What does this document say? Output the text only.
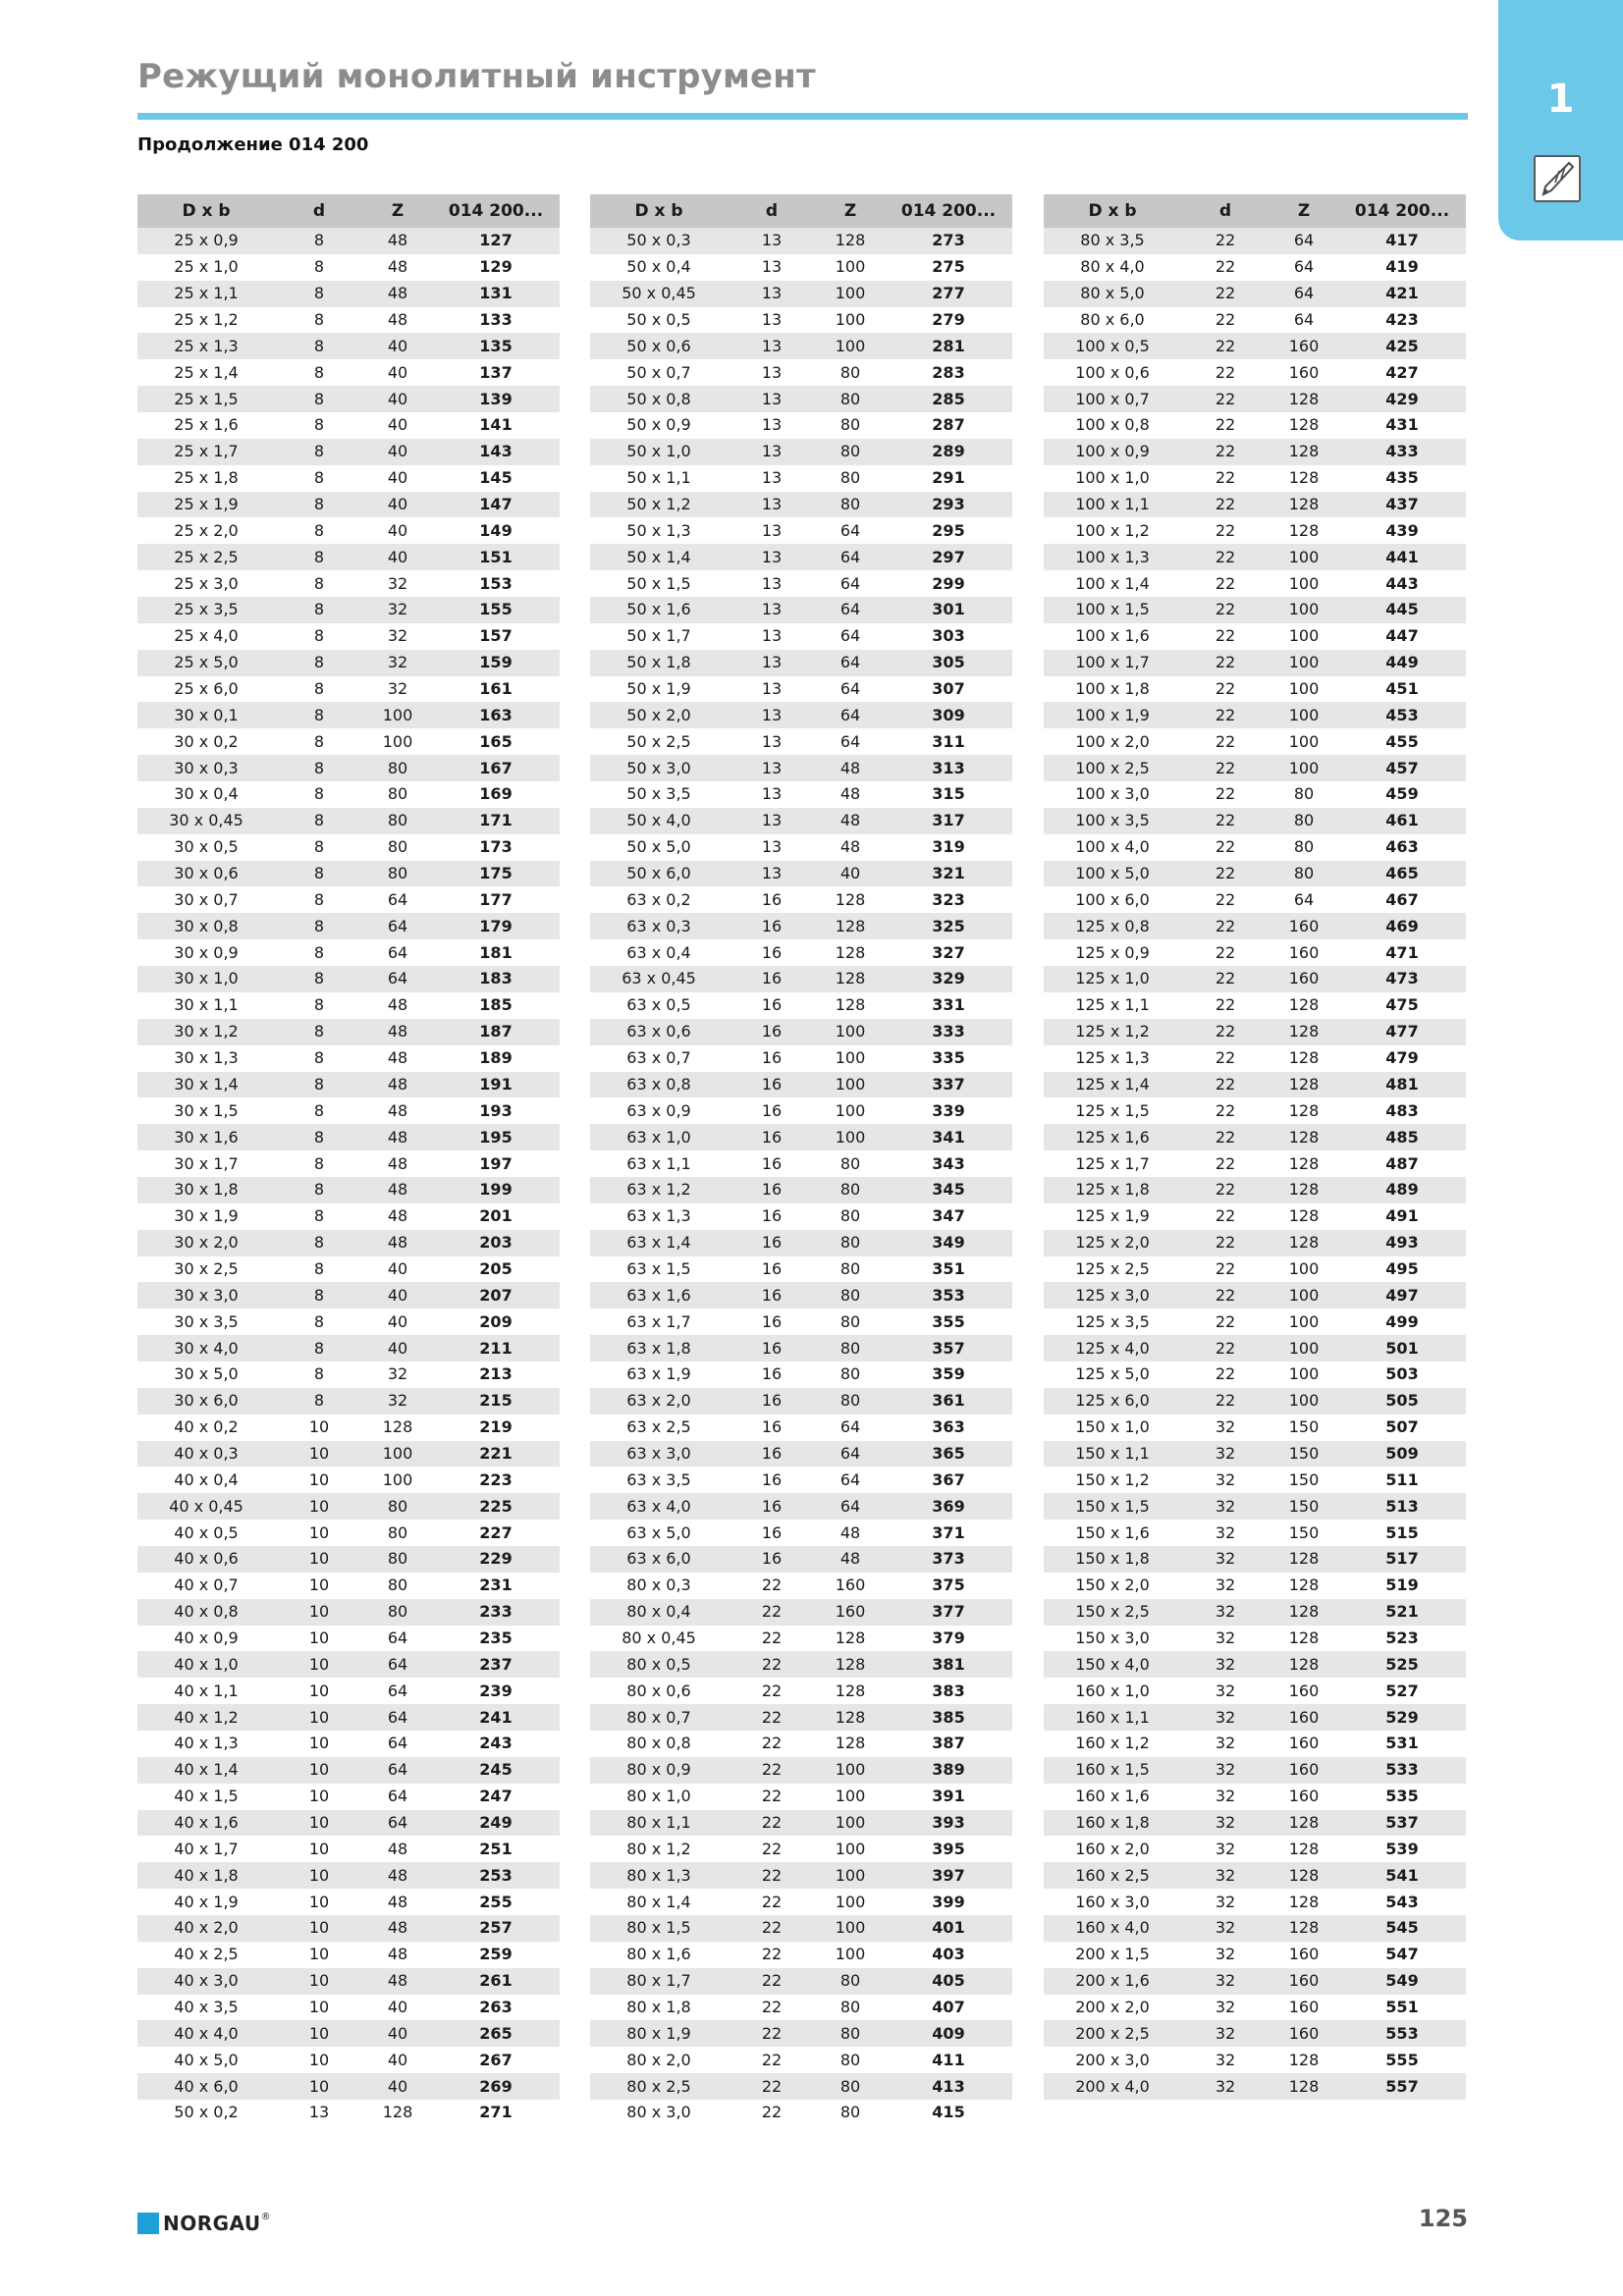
Режущий монолитный инструмент
Продолжение 014 200
1
D x b	d	Z	014 200...
25 x 0,9	8	48	127
25 x 1,0	8	48	129
25 x 1,1	8	48	131
25 x 1,2	8	48	133
25 x 1,3	8	40	135
25 x 1,4	8	40	137
25 x 1,5	8	40	139
25 x 1,6	8	40	141
25 x 1,7	8	40	143
25 x 1,8	8	40	145
25 x 1,9	8	40	147
25 x 2,0	8	40	149
25 x 2,5	8	40	151
25 x 3,0	8	32	153
25 x 3,5	8	32	155
25 x 4,0	8	32	157
25 x 5,0	8	32	159
25 x 6,0	8	32	161
30 x 0,1	8	100	163
30 x 0,2	8	100	165
30 x 0,3	8	80	167
30 x 0,4	8	80	169
30 x 0,45	8	80	171
30 x 0,5	8	80	173
30 x 0,6	8	80	175
30 x 0,7	8	64	177
30 x 0,8	8	64	179
30 x 0,9	8	64	181
30 x 1,0	8	64	183
30 x 1,1	8	48	185
30 x 1,2	8	48	187
30 x 1,3	8	48	189
30 x 1,4	8	48	191
30 x 1,5	8	48	193
30 x 1,6	8	48	195
30 x 1,7	8	48	197
30 x 1,8	8	48	199
30 x 1,9	8	48	201
30 x 2,0	8	48	203
30 x 2,5	8	40	205
30 x 3,0	8	40	207
30 x 3,5	8	40	209
30 x 4,0	8	40	211
30 x 5,0	8	32	213
30 x 6,0	8	32	215
40 x 0,2	10	128	219
40 x 0,3	10	100	221
40 x 0,4	10	100	223
40 x 0,45	10	80	225
40 x 0,5	10	80	227
40 x 0,6	10	80	229
40 x 0,7	10	80	231
40 x 0,8	10	80	233
40 x 0,9	10	64	235
40 x 1,0	10	64	237
40 x 1,1	10	64	239
40 x 1,2	10	64	241
40 x 1,3	10	64	243
40 x 1,4	10	64	245
40 x 1,5	10	64	247
40 x 1,6	10	64	249
40 x 1,7	10	48	251
40 x 1,8	10	48	253
40 x 1,9	10	48	255
40 x 2,0	10	48	257
40 x 2,5	10	48	259
40 x 3,0	10	48	261
40 x 3,5	10	40	263
40 x 4,0	10	40	265
40 x 5,0	10	40	267
40 x 6,0	10	40	269
50 x 0,2	13	128	271
D x b	d	Z	014 200...
50 x 0,3	13	128	273
50 x 0,4	13	100	275
50 x 0,45	13	100	277
50 x 0,5	13	100	279
50 x 0,6	13	100	281
50 x 0,7	13	80	283
50 x 0,8	13	80	285
50 x 0,9	13	80	287
50 x 1,0	13	80	289
50 x 1,1	13	80	291
50 x 1,2	13	80	293
50 x 1,3	13	64	295
50 x 1,4	13	64	297
50 x 1,5	13	64	299
50 x 1,6	13	64	301
50 x 1,7	13	64	303
50 x 1,8	13	64	305
50 x 1,9	13	64	307
50 x 2,0	13	64	309
50 x 2,5	13	64	311
50 x 3,0	13	48	313
50 x 3,5	13	48	315
50 x 4,0	13	48	317
50 x 5,0	13	48	319
50 x 6,0	13	40	321
63 x 0,2	16	128	323
63 x 0,3	16	128	325
63 x 0,4	16	128	327
63 x 0,45	16	128	329
63 x 0,5	16	128	331
63 x 0,6	16	100	333
63 x 0,7	16	100	335
63 x 0,8	16	100	337
63 x 0,9	16	100	339
63 x 1,0	16	100	341
63 x 1,1	16	80	343
63 x 1,2	16	80	345
63 x 1,3	16	80	347
63 x 1,4	16	80	349
63 x 1,5	16	80	351
63 x 1,6	16	80	353
63 x 1,7	16	80	355
63 x 1,8	16	80	357
63 x 1,9	16	80	359
63 x 2,0	16	80	361
63 x 2,5	16	64	363
63 x 3,0	16	64	365
63 x 3,5	16	64	367
63 x 4,0	16	64	369
63 x 5,0	16	48	371
63 x 6,0	16	48	373
80 x 0,3	22	160	375
80 x 0,4	22	160	377
80 x 0,45	22	128	379
80 x 0,5	22	128	381
80 x 0,6	22	128	383
80 x 0,7	22	128	385
80 x 0,8	22	128	387
80 x 0,9	22	100	389
80 x 1,0	22	100	391
80 x 1,1	22	100	393
80 x 1,2	22	100	395
80 x 1,3	22	100	397
80 x 1,4	22	100	399
80 x 1,5	22	100	401
80 x 1,6	22	100	403
80 x 1,7	22	80	405
80 x 1,8	22	80	407
80 x 1,9	22	80	409
80 x 2,0	22	80	411
80 x 2,5	22	80	413
80 x 3,0	22	80	415
D x b	d	Z	014 200...
80 x 3,5	22	64	417
80 x 4,0	22	64	419
80 x 5,0	22	64	421
80 x 6,0	22	64	423
100 x 0,5	22	160	425
100 x 0,6	22	160	427
100 x 0,7	22	128	429
100 x 0,8	22	128	431
100 x 0,9	22	128	433
100 x 1,0	22	128	435
100 x 1,1	22	128	437
100 x 1,2	22	128	439
100 x 1,3	22	100	441
100 x 1,4	22	100	443
100 x 1,5	22	100	445
100 x 1,6	22	100	447
100 x 1,7	22	100	449
100 x 1,8	22	100	451
100 x 1,9	22	100	453
100 x 2,0	22	100	455
100 x 2,5	22	100	457
100 x 3,0	22	80	459
100 x 3,5	22	80	461
100 x 4,0	22	80	463
100 x 5,0	22	80	465
100 x 6,0	22	64	467
125 x 0,8	22	160	469
125 x 0,9	22	160	471
125 x 1,0	22	160	473
125 x 1,1	22	128	475
125 x 1,2	22	128	477
125 x 1,3	22	128	479
125 x 1,4	22	128	481
125 x 1,5	22	128	483
125 x 1,6	22	128	485
125 x 1,7	22	128	487
125 x 1,8	22	128	489
125 x 1,9	22	128	491
125 x 2,0	22	128	493
125 x 2,5	22	100	495
125 x 3,0	22	100	497
125 x 3,5	22	100	499
125 x 4,0	22	100	501
125 x 5,0	22	100	503
125 x 6,0	22	100	505
150 x 1,0	32	150	507
150 x 1,1	32	150	509
150 x 1,2	32	150	511
150 x 1,5	32	150	513
150 x 1,6	32	150	515
150 x 1,8	32	128	517
150 x 2,0	32	128	519
150 x 2,5	32	128	521
150 x 3,0	32	128	523
150 x 4,0	32	128	525
160 x 1,0	32	160	527
160 x 1,1	32	160	529
160 x 1,2	32	160	531
160 x 1,5	32	160	533
160 x 1,6	32	160	535
160 x 1,8	32	128	537
160 x 2,0	32	128	539
160 x 2,5	32	128	541
160 x 3,0	32	128	543
160 x 4,0	32	128	545
200 x 1,5	32	160	547
200 x 1,6	32	160	549
200 x 2,0	32	160	551
200 x 2,5	32	160	553
200 x 3,0	32	128	555
200 x 4,0	32	128	557
NORGAU®	125
